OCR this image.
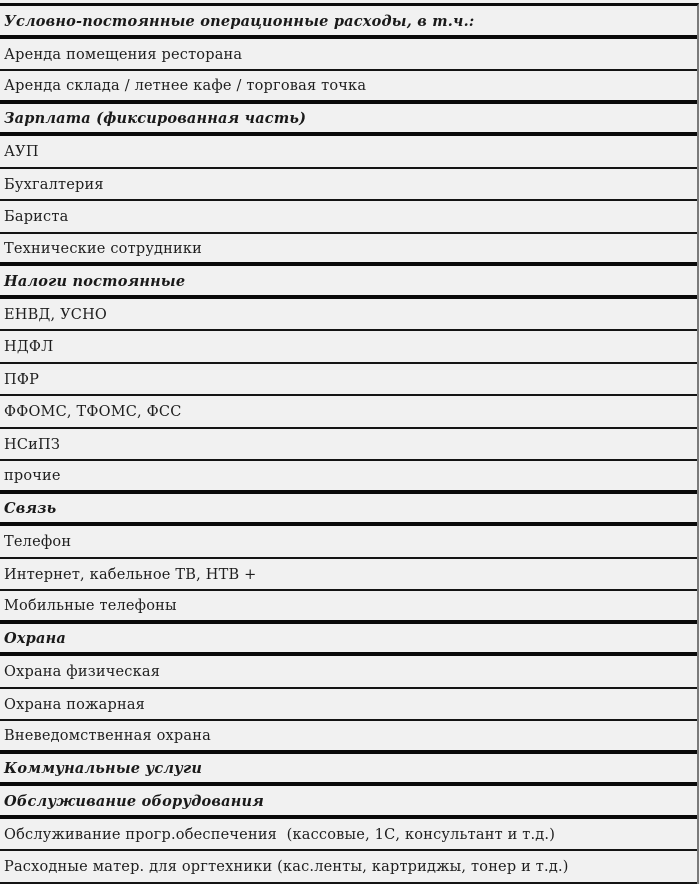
Условно-постоянные операционные расходы, в т.ч.:
Аренда помещения ресторана
Аренда склада / летнее кафе / торговая точка
Зарплата (фиксированная часть)
АУП
Бухгалтерия
Бариста
Технические сотрудники
Налоги постоянные
ЕНВД, УСНО
НДФЛ
ПФР
ФФОМС, ТФОМС, ФСС
НСиПЗ
прочие
Связь
Телефон
Интернет, кабельное ТВ, НТВ +
Мобильные телефоны
Охрана
Охрана физическая
Охрана пожарная
Вневедомственная охрана
Коммунальные услуги
Обслуживание оборудования
Обслуживание прогр.обеспечения  (кассовые, 1С, консультант и т.д.)
Расходные матер. для оргтехники (кас.ленты, картриджы, тонер и т.д.)
